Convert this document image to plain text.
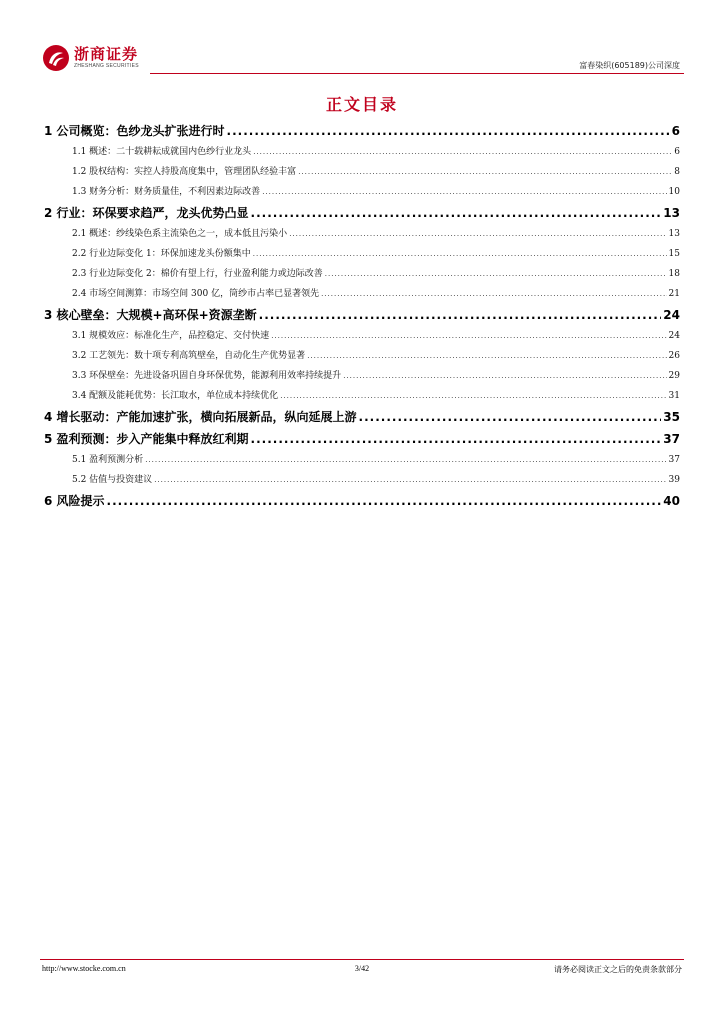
浙商证券
ZHESHANG SECURITIES	富春染织(605189)公司深度
正文目录
1 公司概览：色纱龙头扩张进行时 .....	6
1.1 概述：二十载耕耘成就国内色纱行业龙头 .....	6
1.2 股权结构：实控人持股高度集中，管理团队经验丰富 .....	8
1.3 财务分析：财务质量佳，不利因素边际改善 .....	10
2 行业：环保要求趋严，龙头优势凸显 .....	13
2.1 概述：纱线染色系主流染色之一，成本低且污染小 .....	13
2.2 行业边际变化 1：环保加速龙头份额集中 .....	15
2.3 行业边际变化 2：棉价有望上行，行业盈利能力或边际改善 .....	18
2.4 市场空间测算：市场空间 300 亿，筒纱市占率已显著领先 .....	21
3 核心壁垒：大规模+高环保+资源垄断 .....	24
3.1 规模效应：标准化生产，品控稳定、交付快速 .....	24
3.2 工艺领先：数十项专利高筑壁垒，自动化生产优势显著 .....	26
3.3 环保壁垒：先进设备巩固自身环保优势，能源利用效率持续提升 .....	29
3.4 配额及能耗优势：长江取水，单位成本持续优化 .....	31
4 增长驱动：产能加速扩张，横向拓展新品，纵向延展上游 .....	35
5 盈利预测：步入产能集中释放红利期 .....	37
5.1 盈利预测分析 .....	37
5.2 估值与投资建议 .....	39
6 风险提示 .....	40
http://www.stocke.com.cn	3/42	请务必阅读正文之后的免责条款部分
